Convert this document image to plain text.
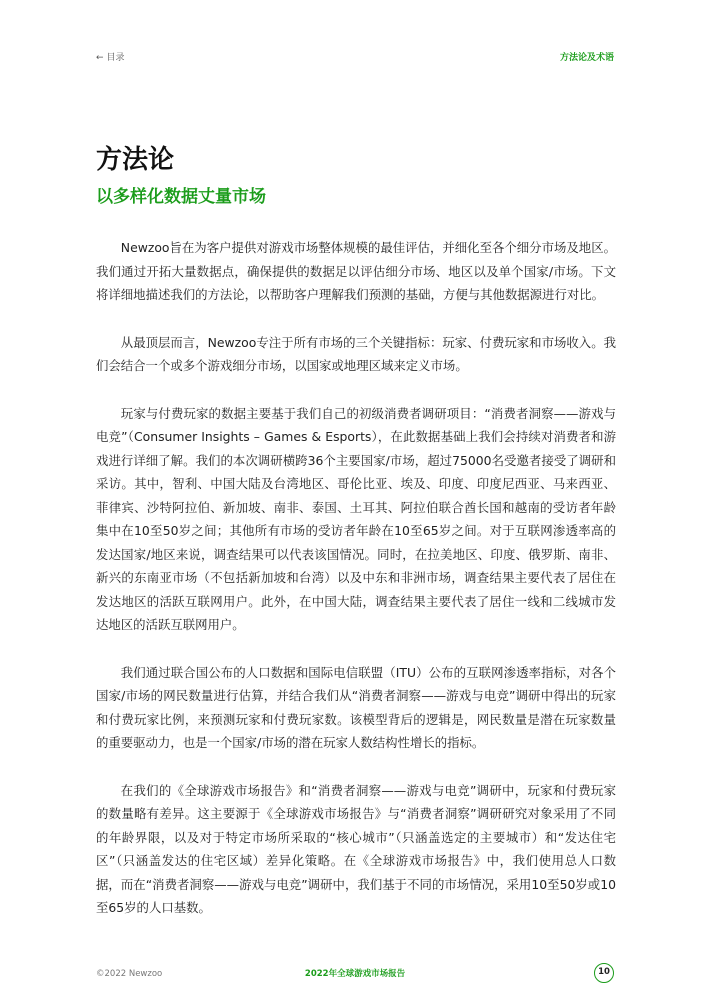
← 目录	方法论及术语
方法论
以多样化数据丈量市场

Newzoo旨在为客户提供对游戏市场整体规模的最佳评估，并细化至各个细分市场及地区。我们通过开拓大量数据点，确保提供的数据足以评估细分市场、地区以及单个国家/市场。下文将详细地描述我们的方法论，以帮助客户理解我们预测的基础，方便与其他数据源进行对比。

从最顶层而言，Newzoo专注于所有市场的三个关键指标：玩家、付费玩家和市场收入。我们会结合一个或多个游戏细分市场，以国家或地理区域来定义市场。

玩家与付费玩家的数据主要基于我们自己的初级消费者调研项目：“消费者洞察——游戏与电竞”（Consumer Insights – Games & Esports），在此数据基础上我们会持续对消费者和游戏进行详细了解。我们的本次调研横跨36个主要国家/市场，超过75000名受邀者接受了调研和采访。其中，智利、中国大陆及台湾地区、哥伦比亚、埃及、印度、印度尼西亚、马来西亚、菲律宾、沙特阿拉伯、新加坡、南非、泰国、土耳其、阿拉伯联合酋长国和越南的受访者年龄集中在10至50岁之间；其他所有市场的受访者年龄在10至65岁之间。对于互联网渗透率高的发达国家/地区来说，调查结果可以代表该国情况。同时，在拉美地区、印度、俄罗斯、南非、新兴的东南亚市场（不包括新加坡和台湾）以及中东和非洲市场，调查结果主要代表了居住在发达地区的活跃互联网用户。此外，在中国大陆，调查结果主要代表了居住一线和二线城市发达地区的活跃互联网用户。

我们通过联合国公布的人口数据和国际电信联盟（ITU）公布的互联网渗透率指标，对各个国家/市场的网民数量进行估算，并结合我们从“消费者洞察——游戏与电竞”调研中得出的玩家和付费玩家比例，来预测玩家和付费玩家数。该模型背后的逻辑是，网民数量是潜在玩家数量的重要驱动力，也是一个国家/市场的潜在玩家人数结构性增长的指标。

在我们的《全球游戏市场报告》和“消费者洞察——游戏与电竞”调研中，玩家和付费玩家的数量略有差异。这主要源于《全球游戏市场报告》与“消费者洞察”调研研究对象采用了不同的年龄界限，以及对于特定市场所采取的“核心城市”（只涵盖选定的主要城市）和“发达住宅区”（只涵盖发达的住宅区域）差异化策略。在《全球游戏市场报告》中，我们使用总人口数据，而在“消费者洞察——游戏与电竞”调研中，我们基于不同的市场情况，采用10至50岁或10至65岁的人口基数。

©2022 Newzoo	2022年全球游戏市场报告	10
